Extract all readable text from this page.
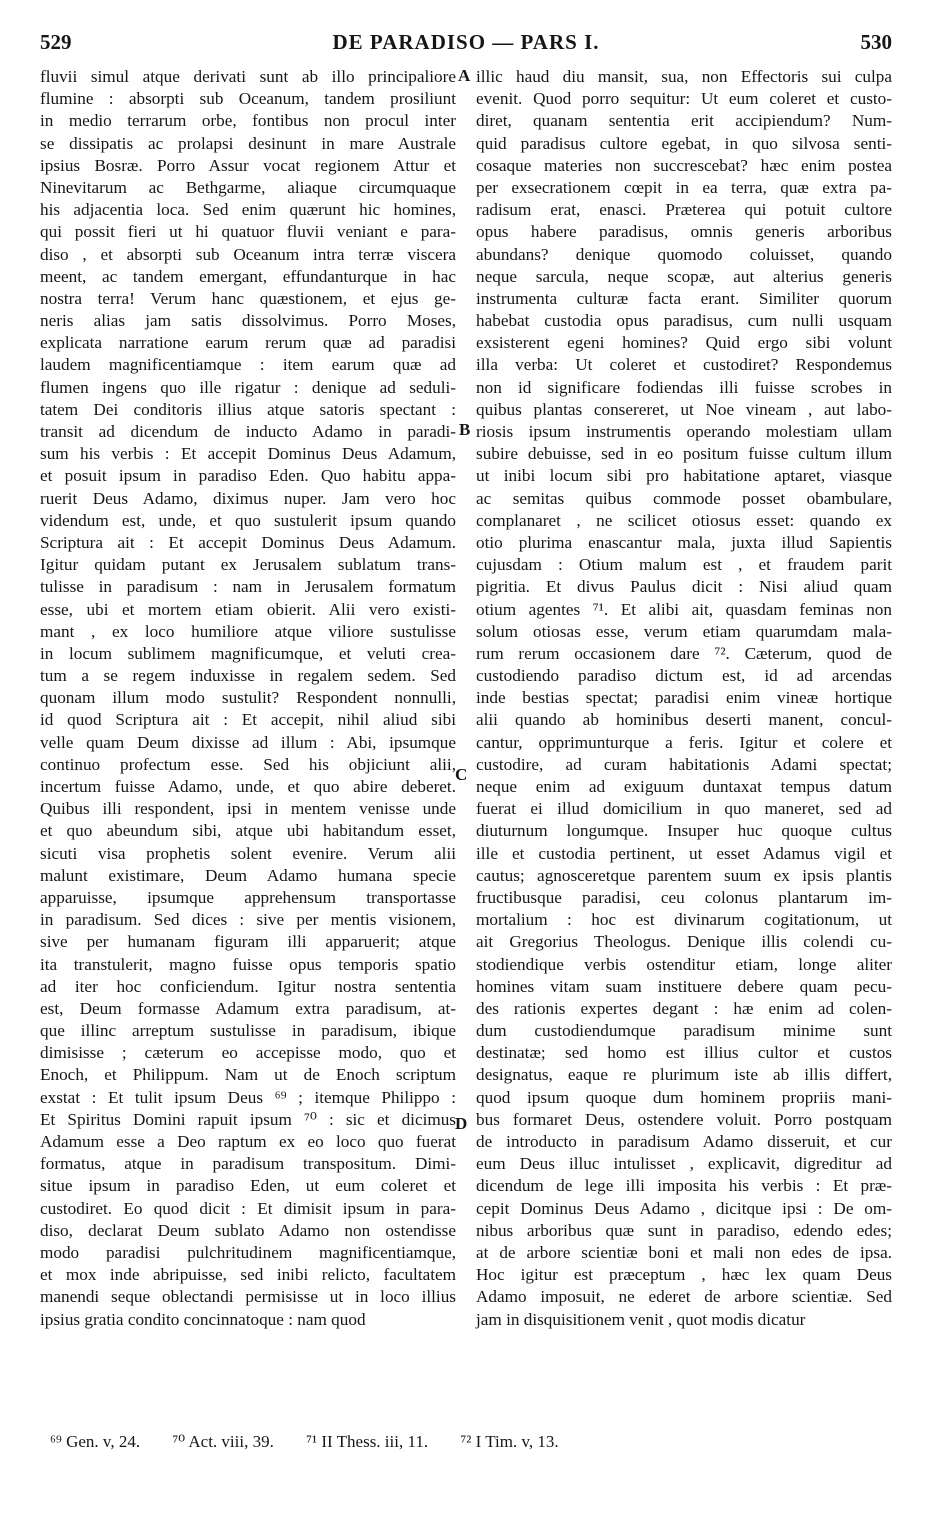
529	DE PARADISO — PARS I.	530
fluvii simul atque derivati sunt ab illo principaliore
flumine : absorpti sub Oceanum, tandem prosiliunt
in medio terrarum orbe, fontibus non procul inter
se dissipatis ac prolapsi desinunt in mare Australe
ipsius Bosræ. Porro Assur vocat regionem Attur et
Ninevitarum ac Bethgarme, aliaque circumquaque
his adjacentia loca. Sed enim quærunt hic homines,
qui possit fieri ut hi quatuor fluvii veniant e para-
diso , et absorpti sub Oceanum intra terræ viscera
meent, ac tandem emergant, effundanturque in hac
nostra terra! Verum hanc quæstionem, et ejus ge-
neris alias jam satis dissolvimus. Porro Moses,
explicata narratione earum rerum quæ ad paradisi
laudem magnificentiamque : item earum quæ ad
flumen ingens quo ille rigatur : denique ad seduli-
tatem Dei conditoris illius atque satoris spectant :
transit ad dicendum de inducto Adamo in paradi-
sum his verbis : Et accepit Dominus Deus Adamum,
et posuit ipsum in paradiso Eden. Quo habitu appa-
ruerit Deus Adamo, diximus nuper. Jam vero hoc
videndum est, unde, et quo sustulerit ipsum quando
Scriptura ait : Et accepit Dominus Deus Adamum.
Igitur quidam putant ex Jerusalem sublatum trans-
tulisse in paradisum : nam in Jerusalem formatum
esse, ubi et mortem etiam obierit. Alii vero existi-
mant , ex loco humiliore atque viliore sustulisse
in locum sublimem magnificumque, et veluti crea-
tum a se regem induxisse in regalem sedem. Sed
quonam illum modo sustulit? Respondent nonnulli,
id quod Scriptura ait : Et accepit, nihil aliud sibi
velle quam Deum dixisse ad illum : Abi, ipsumque
continuo profectum esse. Sed his objiciunt alii,
incertum fuisse Adamo, unde, et quo abire deberet.
Quibus illi respondent, ipsi in mentem venisse unde
et quo abeundum sibi, atque ubi habitandum esset,
sicuti visa prophetis solent evenire. Verum alii
malunt existimare, Deum Adamo humana specie
apparuisse, ipsumque apprehensum transportasse
in paradisum. Sed dices : sive per mentis visionem,
sive per humanam figuram illi apparuerit; atque
ita transtulerit, magno fuisse opus temporis spatio
ad iter hoc conficiendum. Igitur nostra sententia
est, Deum formasse Adamum extra paradisum, at-
que illinc arreptum sustulisse in paradisum, ibique
dimisisse ; cæterum eo accepisse modo, quo et
Enoch, et Philippum. Nam ut de Enoch scriptum
exstat : Et tulit ipsum Deus ⁶⁹ ; itemque Philippo :
Et Spiritus Domini rapuit ipsum ⁷⁰ : sic et dicimus
Adamum esse a Deo raptum ex eo loco quo fuerat
formatus, atque in paradisum transpositum. Dimi-
situe ipsum in paradiso Eden, ut eum coleret et
custodiret. Eo quod dicit : Et dimisit ipsum in para-
diso, declarat Deum sublato Adamo non ostendisse
modo paradisi pulchritudinem magnificentiamque,
et mox inde abripuisse, sed inibi relicto, facultatem
manendi seque oblectandi permisisse ut in loco illius
ipsius gratia condito concinnatoque : nam quod
illic haud diu mansit, sua, non Effectoris sui culpa
evenit. Quod porro sequitur: Ut eum coleret et custo-
diret, quanam sententia erit accipiendum? Num-
quid paradisus cultore egebat, in quo silvosa senti-
cosaque materies non succrescebat? hæc enim postea
per exsecrationem cœpit in ea terra, quæ extra pa-
radisum erat, enasci. Præterea qui potuit cultore
opus habere paradisus, omnis generis arboribus
abundans? denique quomodo coluisset, quando
neque sarcula, neque scopæ, aut alterius generis
instrumenta culturæ facta erant. Similiter quorum
habebat custodia opus paradisus, cum nulli usquam
exsisterent egeni homines? Quid ergo sibi volunt
illa verba: Ut coleret et custodiret? Respondemus
non id significare fodiendas illi fuisse scrobes in
quibus plantas consereret, ut Noe vineam , aut labo-
riosis ipsum instrumentis operando molestiam ullam
subire debuisse, sed in eo positum fuisse cultum illum
ut inibi locum sibi pro habitatione aptaret, viasque
ac semitas quibus commode posset obambulare,
complanaret , ne scilicet otiosus esset: quando ex
otio plurima enascantur mala, juxta illud Sapientis
cujusdam : Otium malum est , et fraudem parit
pigritia. Et divus Paulus dicit : Nisi aliud quam
otium agentes ⁷¹. Et alibi ait, quasdam feminas non
solum otiosas esse, verum etiam quarumdam mala-
rum rerum occasionem dare ⁷². Cæterum, quod de
custodiendo paradiso dictum est, id ad arcendas
inde bestias spectat; paradisi enim vineæ hortique
alii quando ab hominibus deserti manent, concul-
cantur, opprimunturque a feris. Igitur et colere et
custodire, ad curam habitationis Adami spectat;
neque enim ad exiguum duntaxat tempus datum
fuerat ei illud domicilium in quo maneret, sed ad
diuturnum longumque. Insuper huc quoque cultus
ille et custodia pertinent, ut esset Adamus vigil et
cautus; agnosceretque parentem suum ex ipsis plantis
fructibusque paradisi, ceu colonus plantarum im-
mortalium : hoc est divinarum cogitationum, ut
ait Gregorius Theologus. Denique illis colendi cu-
stodiendique verbis ostenditur etiam, longe aliter
homines vitam suam instituere debere quam pecu-
des rationis expertes degant : hæ enim ad colen-
dum custodiendumque paradisum minime sunt
destinatæ; sed homo est illius cultor et custos
designatus, eaque re plurimum iste ab illis differt,
quod ipsum quoque dum hominem propriis mani-
bus formaret Deus, ostendere voluit. Porro postquam
de introducto in paradisum Adamo disseruit, et cur
eum Deus illuc intulisset , explicavit, digreditur ad
dicendum de lege illi imposita his verbis : Et præ-
cepit Dominus Deus Adamo , dicitque ipsi : De om-
nibus arboribus quæ sunt in paradiso, edendo edes;
at de arbore scientiæ boni et mali non edes de ipsa.
Hoc igitur est præceptum , hæc lex quam Deus
Adamo imposuit, ne ederet de arbore scientiæ. Sed
jam in disquisitionem venit , quot modis dicatur
A
B
C
D
⁶⁹ Gen. v, 24. ⁷⁰ Act. viii, 39. ⁷¹ II Thess. iii, 11. ⁷² I Tim. v, 13.
